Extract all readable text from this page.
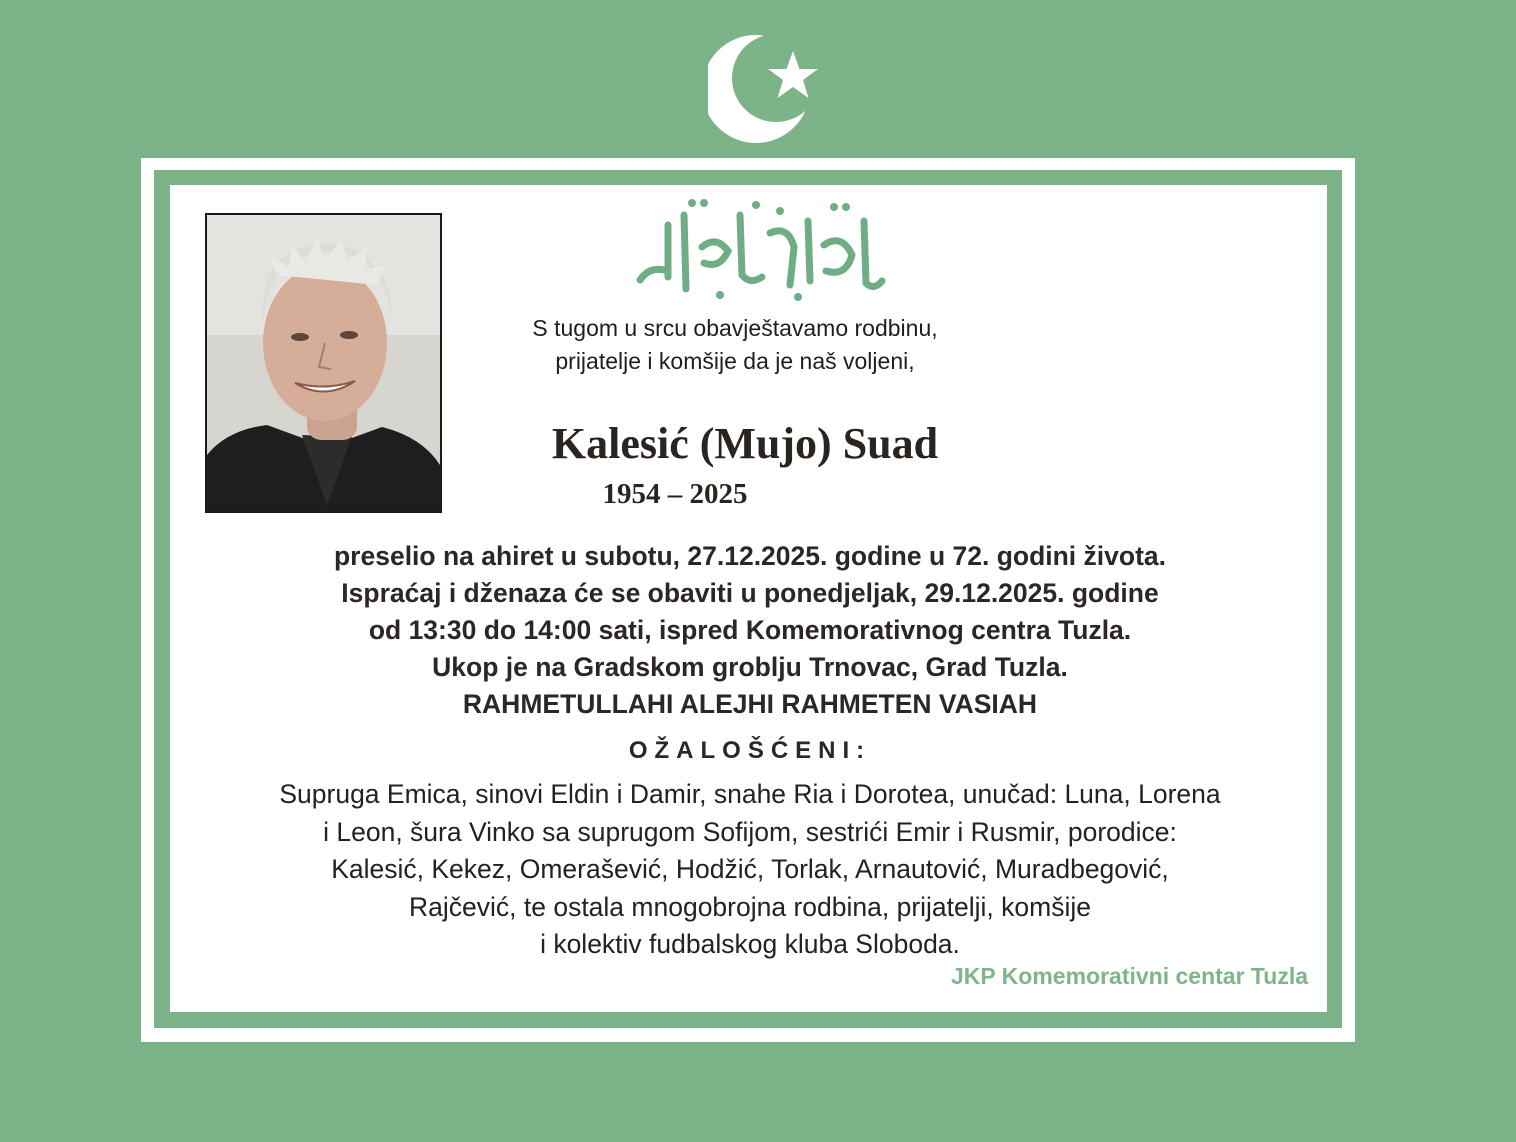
S tugom u srcu obavještavamo rodbinu,
prijatelje i komšije da je naš voljeni,
Kalesić (Mujo) Suad
1954 – 2025
preselio na ahiret u subotu, 27.12.2025. godine u 72. godini života.
Ispraćaj i dženaza će se obaviti u ponedjeljak, 29.12.2025. godine
od 13:30 do 14:00 sati, ispred Komemorativnog centra Tuzla.
Ukop je na Gradskom groblju Trnovac, Grad Tuzla.
RAHMETULLAHI ALEJHI RAHMETEN VASIAH
OŽALOŠĆENI:
Supruga Emica, sinovi Eldin i Damir, snahe Ria i Dorotea, unučad: Luna, Lorena
i Leon, šura Vinko sa suprugom Sofijom, sestrići Emir i Rusmir, porodice:
Kalesić, Kekez, Omerašević, Hodžić, Torlak, Arnautović, Muradbegović,
Rajčević, te ostala mnogobrojna rodbina, prijatelji, komšije
i kolektiv fudbalskog kluba Sloboda.
JKP Komemorativni centar Tuzla
